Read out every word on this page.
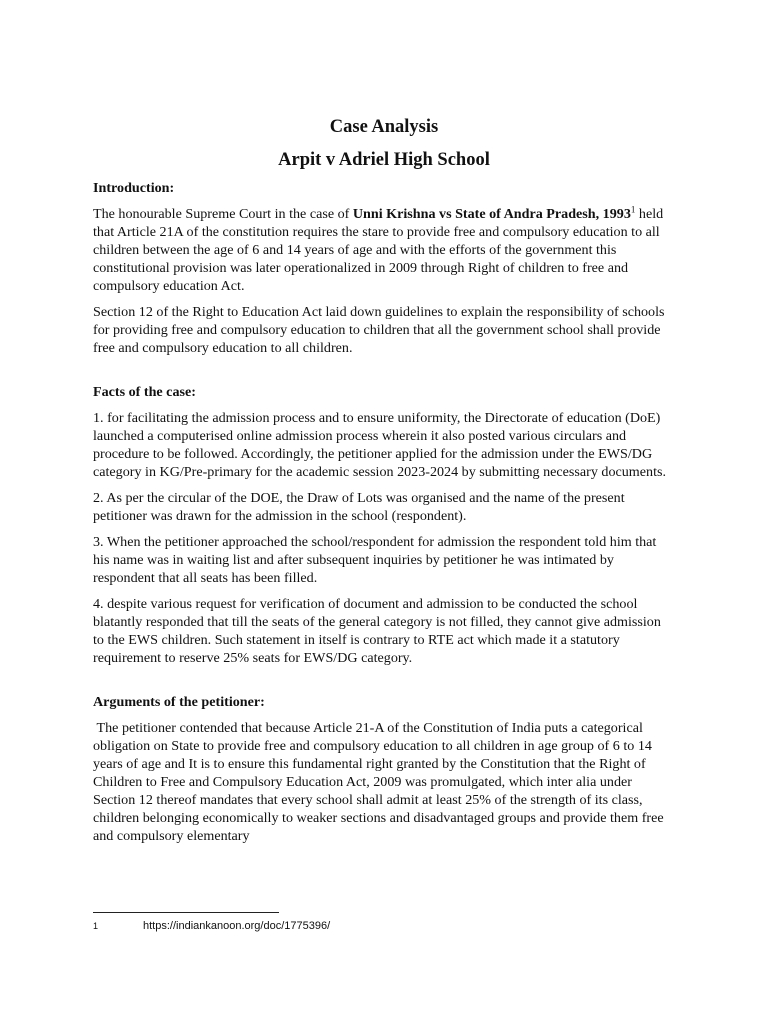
Case Analysis
Arpit v Adriel High School
Introduction:

The honourable Supreme Court in the case of Unni Krishna vs State of Andra Pradesh, 1993$^1$ held that Article 21A of the constitution requires the stare to provide free and compulsory education to all children between the age of 6 and 14 years of age and with the efforts of the government this constitutional provision was later operationalized in 2009 through Right of children to free and compulsory education Act.

Section 12 of the Right to Education Act laid down guidelines to explain the responsibility of schools for providing free and compulsory education to children that all the government school shall provide free and compulsory education to all children.

Facts of the case:

1. for facilitating the admission process and to ensure uniformity, the Directorate of education (DoE) launched a computerised online admission process wherein it also posted various circulars and procedure to be followed. Accordingly, the petitioner applied for the admission under the EWS/DG category in KG/Pre-primary for the academic session 2023-2024 by submitting necessary documents.

2. As per the circular of the DOE, the Draw of Lots was organised and the name of the present petitioner was drawn for the admission in the school (respondent).

3. When the petitioner approached the school/respondent for admission the respondent told him that his name was in waiting list and after subsequent inquiries by petitioner he was intimated by respondent that all seats has been filled.

4. despite various request for verification of document and admission to be conducted the school blatantly responded that till the seats of the general category is not filled, they cannot give admission to the EWS children. Such statement in itself is contrary to RTE act which made it a statutory requirement to reserve 25% seats for EWS/DG category.

Arguments of the petitioner:

The petitioner contended that because Article 21-A of the Constitution of India puts a categorical obligation on State to provide free and compulsory education to all children in age group of 6 to 14 years of age and It is to ensure this fundamental right granted by the Constitution that the Right of Children to Free and Compulsory Education Act, 2009 was promulgated, which inter alia under Section 12 thereof mandates that every school shall admit at least 25% of the strength of its class, children belonging economically to weaker sections and disadvantaged groups and provide them free and compulsory elementary

1	https://indiankanoon.org/doc/1775396/
